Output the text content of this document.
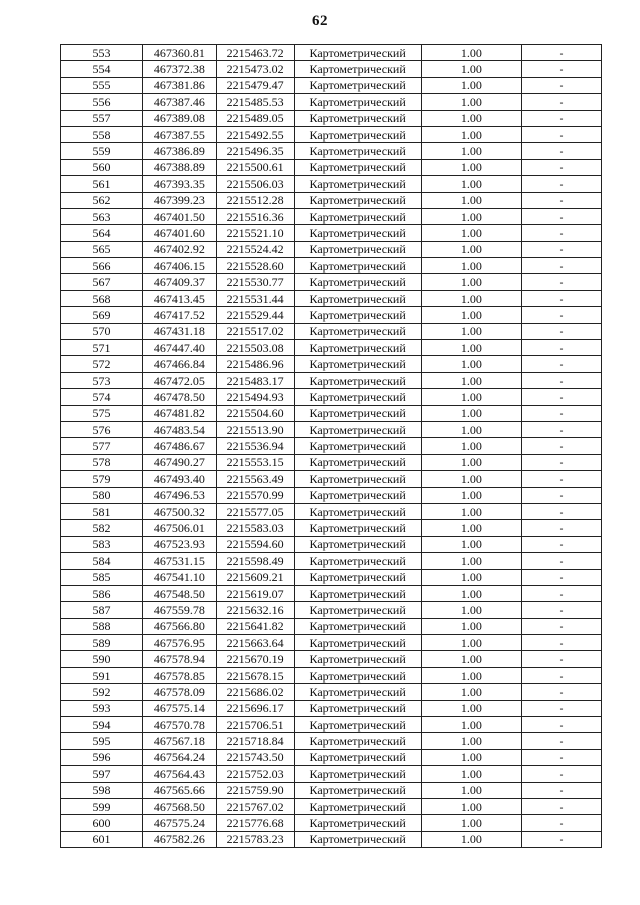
62
553	467360.81	2215463.72	Картометрический	1.00	-
554	467372.38	2215473.02	Картометрический	1.00	-
555	467381.86	2215479.47	Картометрический	1.00	-
556	467387.46	2215485.53	Картометрический	1.00	-
557	467389.08	2215489.05	Картометрический	1.00	-
558	467387.55	2215492.55	Картометрический	1.00	-
559	467386.89	2215496.35	Картометрический	1.00	-
560	467388.89	2215500.61	Картометрический	1.00	-
561	467393.35	2215506.03	Картометрический	1.00	-
562	467399.23	2215512.28	Картометрический	1.00	-
563	467401.50	2215516.36	Картометрический	1.00	-
564	467401.60	2215521.10	Картометрический	1.00	-
565	467402.92	2215524.42	Картометрический	1.00	-
566	467406.15	2215528.60	Картометрический	1.00	-
567	467409.37	2215530.77	Картометрический	1.00	-
568	467413.45	2215531.44	Картометрический	1.00	-
569	467417.52	2215529.44	Картометрический	1.00	-
570	467431.18	2215517.02	Картометрический	1.00	-
571	467447.40	2215503.08	Картометрический	1.00	-
572	467466.84	2215486.96	Картометрический	1.00	-
573	467472.05	2215483.17	Картометрический	1.00	-
574	467478.50	2215494.93	Картометрический	1.00	-
575	467481.82	2215504.60	Картометрический	1.00	-
576	467483.54	2215513.90	Картометрический	1.00	-
577	467486.67	2215536.94	Картометрический	1.00	-
578	467490.27	2215553.15	Картометрический	1.00	-
579	467493.40	2215563.49	Картометрический	1.00	-
580	467496.53	2215570.99	Картометрический	1.00	-
581	467500.32	2215577.05	Картометрический	1.00	-
582	467506.01	2215583.03	Картометрический	1.00	-
583	467523.93	2215594.60	Картометрический	1.00	-
584	467531.15	2215598.49	Картометрический	1.00	-
585	467541.10	2215609.21	Картометрический	1.00	-
586	467548.50	2215619.07	Картометрический	1.00	-
587	467559.78	2215632.16	Картометрический	1.00	-
588	467566.80	2215641.82	Картометрический	1.00	-
589	467576.95	2215663.64	Картометрический	1.00	-
590	467578.94	2215670.19	Картометрический	1.00	-
591	467578.85	2215678.15	Картометрический	1.00	-
592	467578.09	2215686.02	Картометрический	1.00	-
593	467575.14	2215696.17	Картометрический	1.00	-
594	467570.78	2215706.51	Картометрический	1.00	-
595	467567.18	2215718.84	Картометрический	1.00	-
596	467564.24	2215743.50	Картометрический	1.00	-
597	467564.43	2215752.03	Картометрический	1.00	-
598	467565.66	2215759.90	Картометрический	1.00	-
599	467568.50	2215767.02	Картометрический	1.00	-
600	467575.24	2215776.68	Картометрический	1.00	-
601	467582.26	2215783.23	Картометрический	1.00	-
